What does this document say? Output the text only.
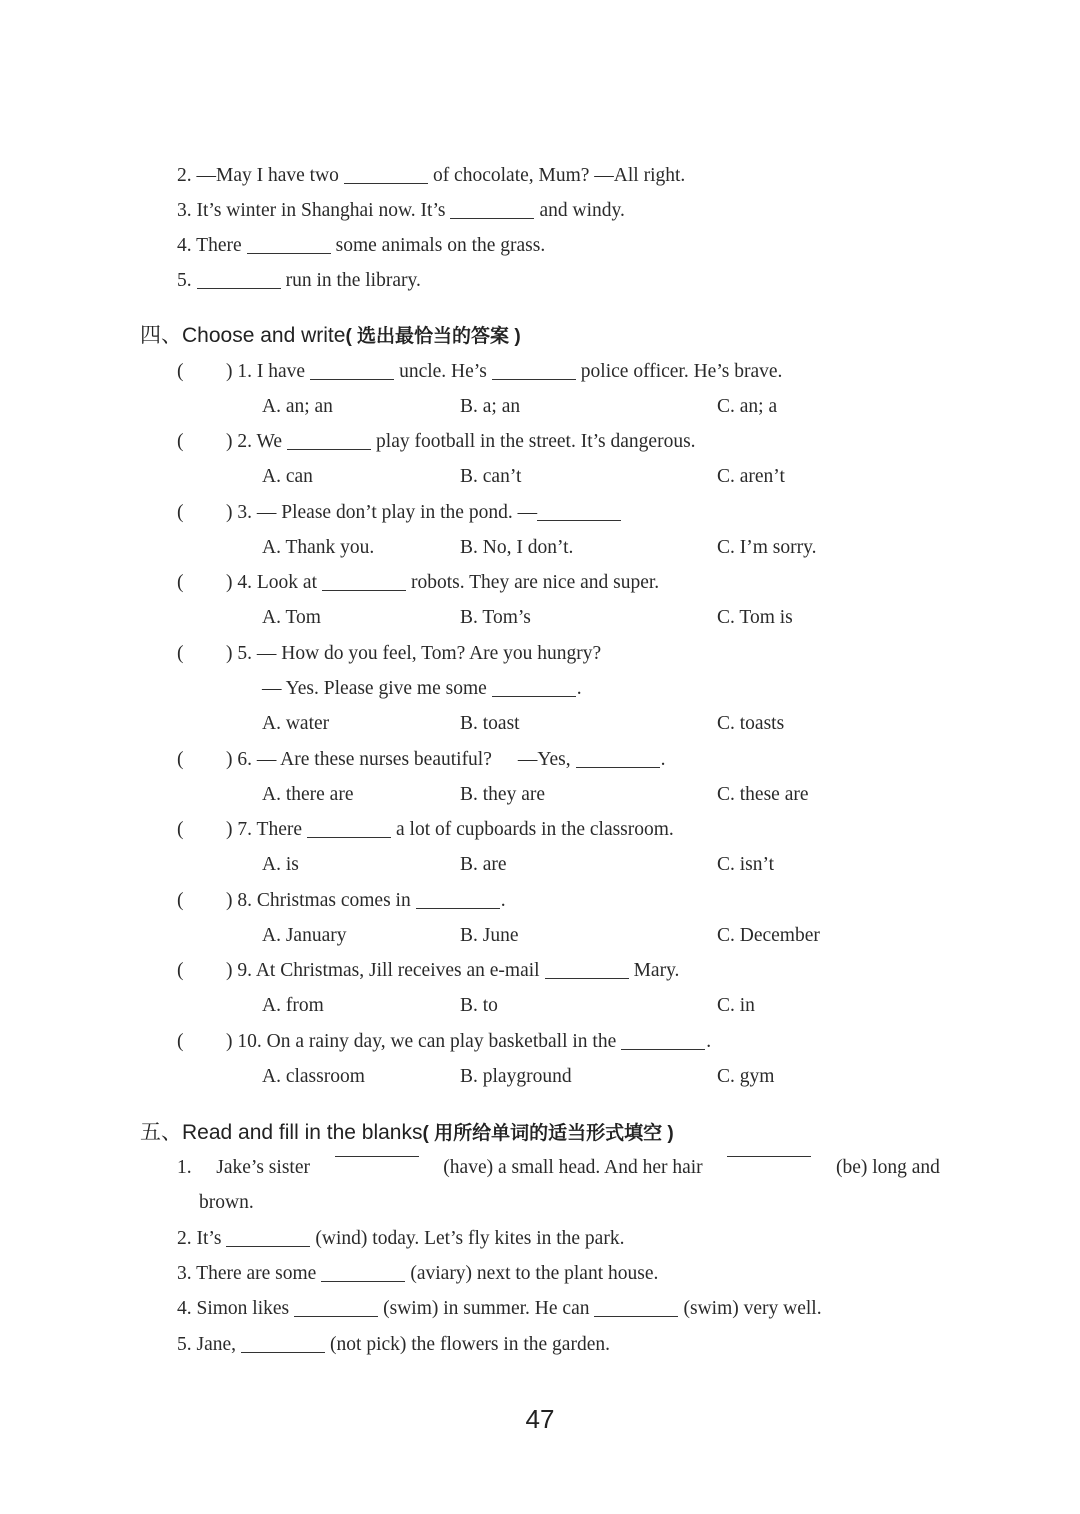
2. —May I have two	of chocolate, Mum? —All right.
3. It’s winter in Shanghai now. It’s	and windy.
4. There	some animals on the grass.
5.	run in the library.
四、Choose and write( 选出最恰当的答案 )
( ) 1. I have	uncle. He’s	police officer. He’s brave.
A. an; an	B. a; an	C. an; a
( ) 2. We	play football in the street. It’s dangerous.
A. can	B. can’t	C. aren’t
( ) 3. — Please don’t play in the pond. —
A. Thank you.	B. No, I don’t.	C. I’m sorry.
( ) 4. Look at	robots. They are nice and super.
A. Tom	B. Tom’s	C. Tom is
( ) 5. — How do you feel, Tom? Are you hungry?
— Yes. Please give me some	.
A. water	B. toast	C. toasts
( ) 6. — Are these nurses beautiful? —Yes,	.
A. there are	B. they are	C. these are
( ) 7. There	a lot of cupboards in the classroom.
A. is	B. are	C. isn’t
( ) 8. Christmas comes in	.
A. January	B. June	C. December
( ) 9. At Christmas, Jill receives an e-mail	Mary.
A. from	B. to	C. in
( ) 10. On a rainy day, we can play basketball in the	.
A. classroom	B. playground	C. gym
五、Read and fill in the blanks( 用所给单词的适当形式填空 )
1. Jake’s sister	(have) a small head. And her hair	(be) long and
brown.
2. It’s	(wind) today. Let’s fly kites in the park.
3. There are some	(aviary) next to the plant house.
4. Simon likes	(swim) in summer. He can	(swim) very well.
5. Jane,	(not pick) the flowers in the garden.
47
